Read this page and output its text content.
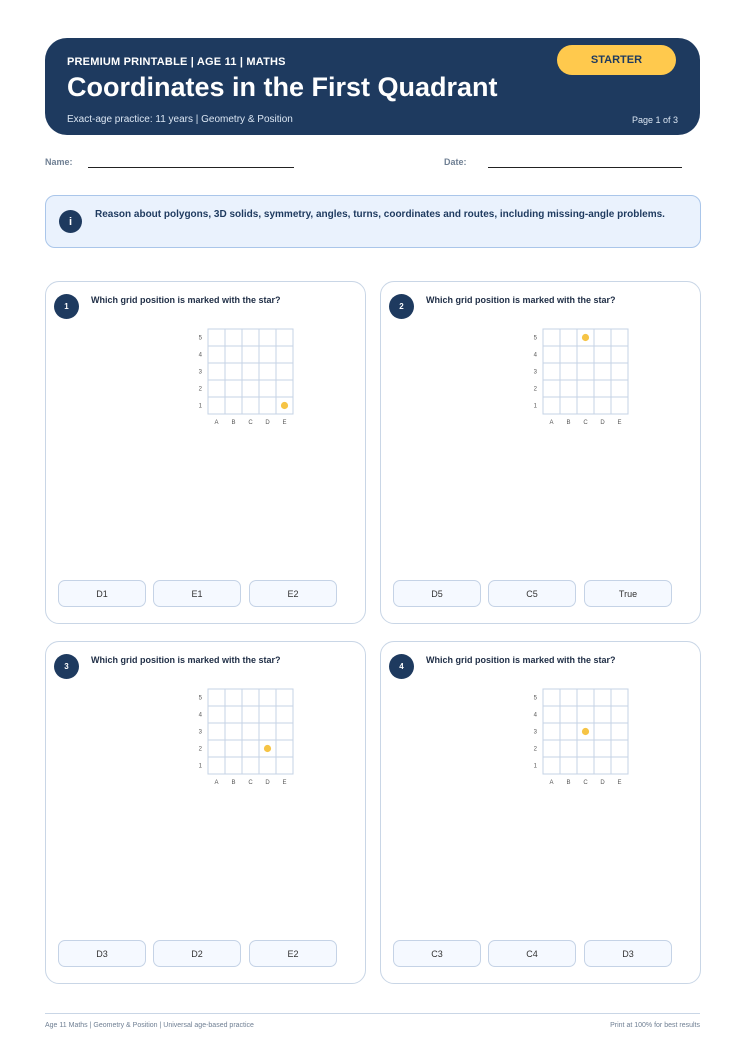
PREMIUM PRINTABLE | AGE 11 | MATHS
Coordinates in the First Quadrant
Exact-age practice: 11 years | Geometry & Position	Page 1 of 3
STARTER
Name:	Date:
i
Reason about polygons, 3D solids, symmetry, angles, turns, coordinates and routes, including missing-angle problems.
1
Which grid position is marked with the star?
5
4
3
2
1
A B C D E
D1	E1	E2
2
Which grid position is marked with the star?
5
4
3
2
1
A B C D E
D5	C5	True
3
Which grid position is marked with the star?
5
4
3
2
1
A B C D E
D3	D2	E2
4
Which grid position is marked with the star?
5
4
3
2
1
A B C D E
C3	C4	D3
Age 11 Maths | Geometry & Position | Universal age-based practice	Print at 100% for best results
